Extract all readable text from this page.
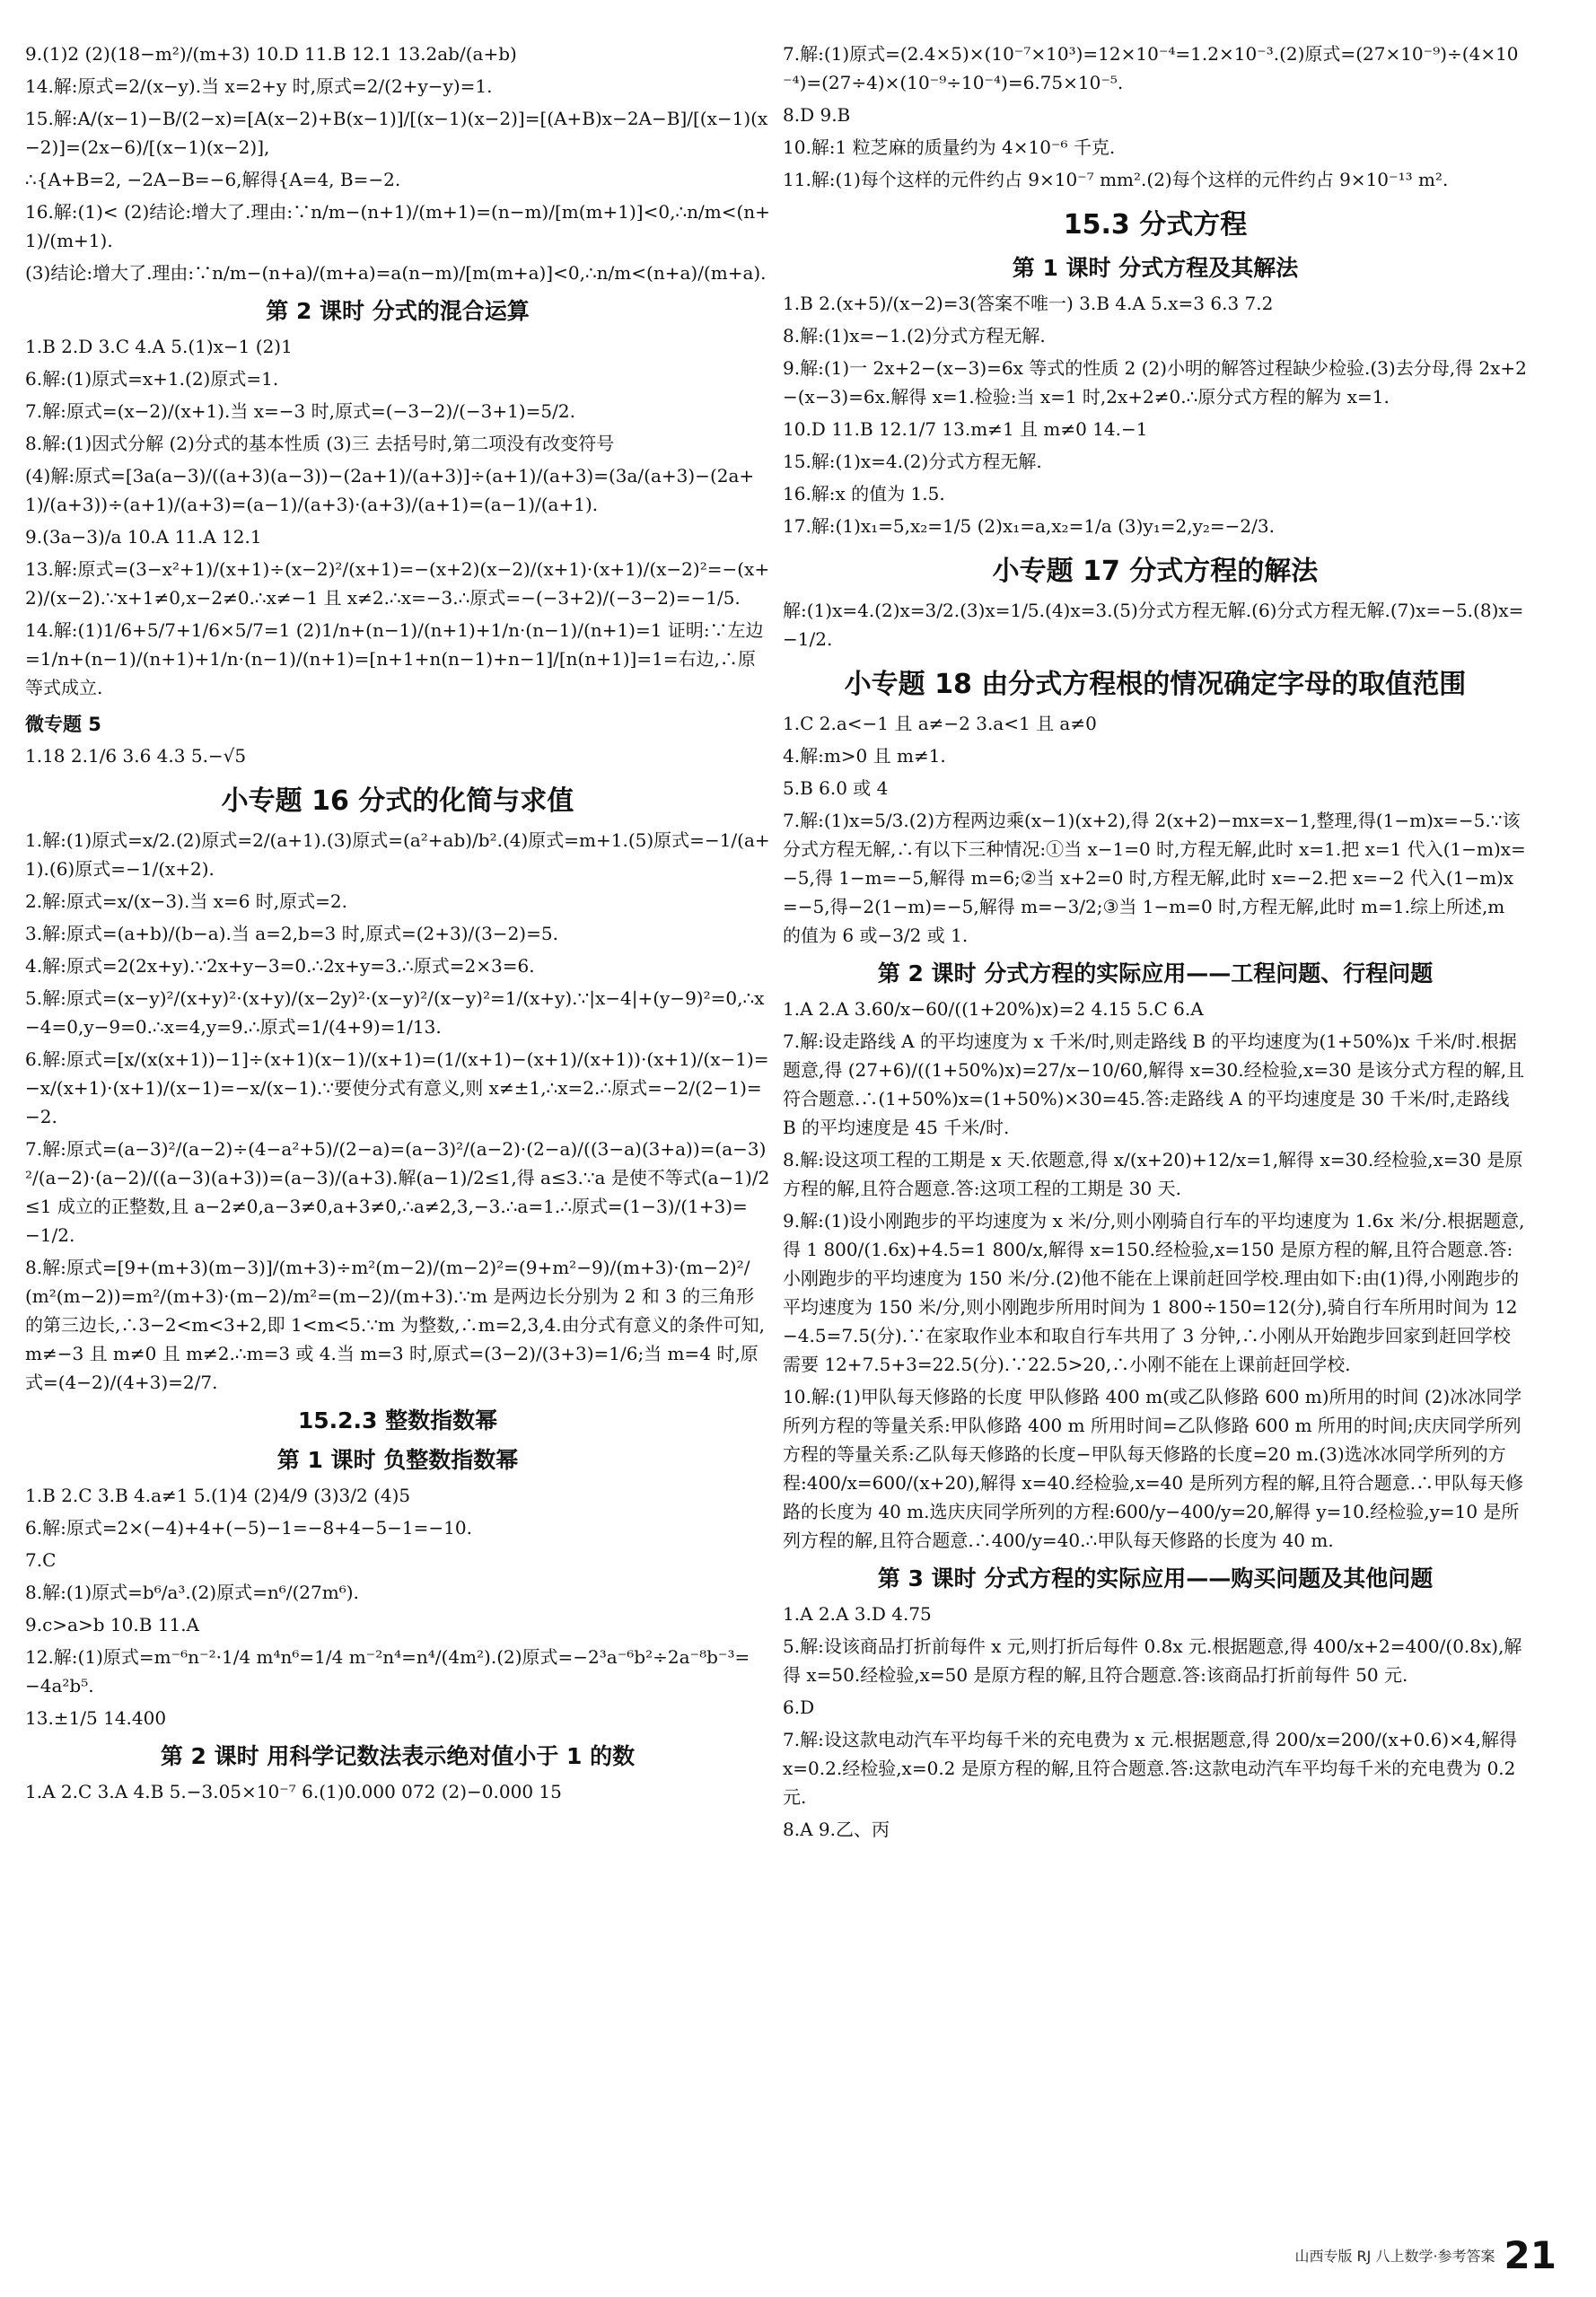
9.(1)2 (2)(18−m²)/(m+3) 10.D 11.B 12.1 13.2ab/(a+b)
14.解:原式=2/(x−y).当 x=2+y 时,原式=2/(2+y−y)=1.
15.解:A/(x−1)−B/(2−x)=[A(x−2)+B(x−1)]/[(x−1)(x−2)]=[(A+B)x−2A−B]/[(x−1)(x−2)]=(2x−6)/[(x−1)(x−2)],
∴{A+B=2, −2A−B=−6,解得{A=4, B=−2.
16.解:(1)< (2)结论:增大了.理由:∵n/m−(n+1)/(m+1)=(n−m)/[m(m+1)]<0,∴n/m<(n+1)/(m+1).
(3)结论:增大了.理由:∵n/m−(n+a)/(m+a)=a(n−m)/[m(m+a)]<0,∴n/m<(n+a)/(m+a).
第 2 课时 分式的混合运算
1.B 2.D 3.C 4.A 5.(1)x−1 (2)1
6.解:(1)原式=x+1.(2)原式=1.
7.解:原式=(x−2)/(x+1).当 x=−3 时,原式=(−3−2)/(−3+1)=5/2.
8.解:(1)因式分解 (2)分式的基本性质 (3)三 去括号时,第二项没有改变符号
(4)解:原式=[3a(a−3)/((a+3)(a−3))−(2a+1)/(a+3)]÷(a+1)/(a+3)=(3a/(a+3)−(2a+1)/(a+3))÷(a+1)/(a+3)=(a−1)/(a+3)·(a+3)/(a+1)=(a−1)/(a+1).
9.(3a−3)/a 10.A 11.A 12.1
13.解:原式=(3−x²+1)/(x+1)÷(x−2)²/(x+1)=−(x+2)(x−2)/(x+1)·(x+1)/(x−2)²=−(x+2)/(x−2).∵x+1≠0,x−2≠0.∴x≠−1 且 x≠2.∴x=−3.∴原式=−(−3+2)/(−3−2)=−1/5.
14.解:(1)1/6+5/7+1/6×5/7=1 (2)1/n+(n−1)/(n+1)+1/n·(n−1)/(n+1)=1 证明:∵左边=1/n+(n−1)/(n+1)+1/n·(n−1)/(n+1)=[n+1+n(n−1)+n−1]/[n(n+1)]=1=右边,∴原等式成立.
微专题 5
1.18 2.1/6 3.6 4.3 5.−√5
小专题 16 分式的化简与求值
1.解:(1)原式=x/2.(2)原式=2/(a+1).(3)原式=(a²+ab)/b².(4)原式=m+1.(5)原式=−1/(a+1).(6)原式=−1/(x+2).
2.解:原式=x/(x−3).当 x=6 时,原式=2.
3.解:原式=(a+b)/(b−a).当 a=2,b=3 时,原式=(2+3)/(3−2)=5.
4.解:原式=2(2x+y).∵2x+y−3=0.∴2x+y=3.∴原式=2×3=6.
5.解:原式=(x−y)²/(x+y)²·(x+y)/(x−2y)²·(x−y)²/(x−y)²=1/(x+y).∵|x−4|+(y−9)²=0,∴x−4=0,y−9=0.∴x=4,y=9.∴原式=1/(4+9)=1/13.
6.解:原式=[x/(x(x+1))−1]÷(x+1)(x−1)/(x+1)=(1/(x+1)−(x+1)/(x+1))·(x+1)/(x−1)=−x/(x+1)·(x+1)/(x−1)=−x/(x−1).∵要使分式有意义,则 x≠±1,∴x=2.∴原式=−2/(2−1)=−2.
7.解:原式=(a−3)²/(a−2)÷(4−a²+5)/(2−a)=(a−3)²/(a−2)·(2−a)/((3−a)(3+a))=(a−3)²/(a−2)·(a−2)/((a−3)(a+3))=(a−3)/(a+3).解(a−1)/2≤1,得 a≤3.∵a 是使不等式(a−1)/2≤1 成立的正整数,且 a−2≠0,a−3≠0,a+3≠0,∴a≠2,3,−3.∴a=1.∴原式=(1−3)/(1+3)=−1/2.
8.解:原式=[9+(m+3)(m−3)]/(m+3)÷m²(m−2)/(m−2)²=(9+m²−9)/(m+3)·(m−2)²/(m²(m−2))=m²/(m+3)·(m−2)/m²=(m−2)/(m+3).∵m 是两边长分别为 2 和 3 的三角形的第三边长,∴3−2<m<3+2,即 1<m<5.∵m 为整数,∴m=2,3,4.由分式有意义的条件可知,m≠−3 且 m≠0 且 m≠2.∴m=3 或 4.当 m=3 时,原式=(3−2)/(3+3)=1/6;当 m=4 时,原式=(4−2)/(4+3)=2/7.
15.2.3 整数指数幂
第 1 课时 负整数指数幂
1.B 2.C 3.B 4.a≠1 5.(1)4 (2)4/9 (3)3/2 (4)5
6.解:原式=2×(−4)+4+(−5)−1=−8+4−5−1=−10.
7.C
8.解:(1)原式=b⁶/a³.(2)原式=n⁶/(27m⁶).
9.c>a>b 10.B 11.A
12.解:(1)原式=m⁻⁶n⁻²·1/4 m⁴n⁶=1/4 m⁻²n⁴=n⁴/(4m²).(2)原式=−2³a⁻⁶b²÷2a⁻⁸b⁻³=−4a²b⁵.
13.±1/5 14.400
第 2 课时 用科学记数法表示绝对值小于 1 的数
1.A 2.C 3.A 4.B 5.−3.05×10⁻⁷ 6.(1)0.000 072 (2)−0.000 15
7.解:(1)原式=(2.4×5)×(10⁻⁷×10³)=12×10⁻⁴=1.2×10⁻³.(2)原式=(27×10⁻⁹)÷(4×10⁻⁴)=(27÷4)×(10⁻⁹÷10⁻⁴)=6.75×10⁻⁵.
8.D 9.B
10.解:1 粒芝麻的质量约为 4×10⁻⁶ 千克.
11.解:(1)每个这样的元件约占 9×10⁻⁷ mm².(2)每个这样的元件约占 9×10⁻¹³ m².
15.3 分式方程
第 1 课时 分式方程及其解法
1.B 2.(x+5)/(x−2)=3(答案不唯一) 3.B 4.A 5.x=3 6.3 7.2
8.解:(1)x=−1.(2)分式方程无解.
9.解:(1)一 2x+2−(x−3)=6x 等式的性质 2 (2)小明的解答过程缺少检验.(3)去分母,得 2x+2−(x−3)=6x.解得 x=1.检验:当 x=1 时,2x+2≠0.∴原分式方程的解为 x=1.
10.D 11.B 12.1/7 13.m≠1 且 m≠0 14.−1
15.解:(1)x=4.(2)分式方程无解.
16.解:x 的值为 1.5.
17.解:(1)x₁=5,x₂=1/5 (2)x₁=a,x₂=1/a (3)y₁=2,y₂=−2/3.
小专题 17 分式方程的解法
解:(1)x=4.(2)x=3/2.(3)x=1/5.(4)x=3.(5)分式方程无解.(6)分式方程无解.(7)x=−5.(8)x=−1/2.
小专题 18 由分式方程根的情况确定字母的取值范围
1.C 2.a<−1 且 a≠−2 3.a<1 且 a≠0
4.解:m>0 且 m≠1.
5.B 6.0 或 4
7.解:(1)x=5/3.(2)方程两边乘(x−1)(x+2),得 2(x+2)−mx=x−1,整理,得(1−m)x=−5.∵该分式方程无解,∴有以下三种情况:①当 x−1=0 时,方程无解,此时 x=1.把 x=1 代入(1−m)x=−5,得 1−m=−5,解得 m=6;②当 x+2=0 时,方程无解,此时 x=−2.把 x=−2 代入(1−m)x=−5,得−2(1−m)=−5,解得 m=−3/2;③当 1−m=0 时,方程无解,此时 m=1.综上所述,m 的值为 6 或−3/2 或 1.
第 2 课时 分式方程的实际应用——工程问题、行程问题
1.A 2.A 3.60/x−60/((1+20%)x)=2 4.15 5.C 6.A
7.解:设走路线 A 的平均速度为 x 千米/时,则走路线 B 的平均速度为(1+50%)x 千米/时.根据题意,得 (27+6)/((1+50%)x)=27/x−10/60,解得 x=30.经检验,x=30 是该分式方程的解,且符合题意.∴(1+50%)x=(1+50%)×30=45.答:走路线 A 的平均速度是 30 千米/时,走路线 B 的平均速度是 45 千米/时.
8.解:设这项工程的工期是 x 天.依题意,得 x/(x+20)+12/x=1,解得 x=30.经检验,x=30 是原方程的解,且符合题意.答:这项工程的工期是 30 天.
9.解:(1)设小刚跑步的平均速度为 x 米/分,则小刚骑自行车的平均速度为 1.6x 米/分.根据题意,得 1 800/(1.6x)+4.5=1 800/x,解得 x=150.经检验,x=150 是原方程的解,且符合题意.答:小刚跑步的平均速度为 150 米/分.(2)他不能在上课前赶回学校.理由如下:由(1)得,小刚跑步的平均速度为 150 米/分,则小刚跑步所用时间为 1 800÷150=12(分),骑自行车所用时间为 12−4.5=7.5(分).∵在家取作业本和取自行车共用了 3 分钟,∴小刚从开始跑步回家到赶回学校需要 12+7.5+3=22.5(分).∵22.5>20,∴小刚不能在上课前赶回学校.
10.解:(1)甲队每天修路的长度 甲队修路 400 m(或乙队修路 600 m)所用的时间 (2)冰冰同学所列方程的等量关系:甲队修路 400 m 所用时间=乙队修路 600 m 所用的时间;庆庆同学所列方程的等量关系:乙队每天修路的长度−甲队每天修路的长度=20 m.(3)选冰冰同学所列的方程:400/x=600/(x+20),解得 x=40.经检验,x=40 是所列方程的解,且符合题意.∴甲队每天修路的长度为 40 m.选庆庆同学所列的方程:600/y−400/y=20,解得 y=10.经检验,y=10 是所列方程的解,且符合题意.∴400/y=40.∴甲队每天修路的长度为 40 m.
第 3 课时 分式方程的实际应用——购买问题及其他问题
1.A 2.A 3.D 4.75
5.解:设该商品打折前每件 x 元,则打折后每件 0.8x 元.根据题意,得 400/x+2=400/(0.8x),解得 x=50.经检验,x=50 是原方程的解,且符合题意.答:该商品打折前每件 50 元.
6.D
7.解:设这款电动汽车平均每千米的充电费为 x 元.根据题意,得 200/x=200/(x+0.6)×4,解得 x=0.2.经检验,x=0.2 是原方程的解,且符合题意.答:这款电动汽车平均每千米的充电费为 0.2 元.
8.A 9.乙、丙
山西专版 RJ 八上数学·参考答案 21
